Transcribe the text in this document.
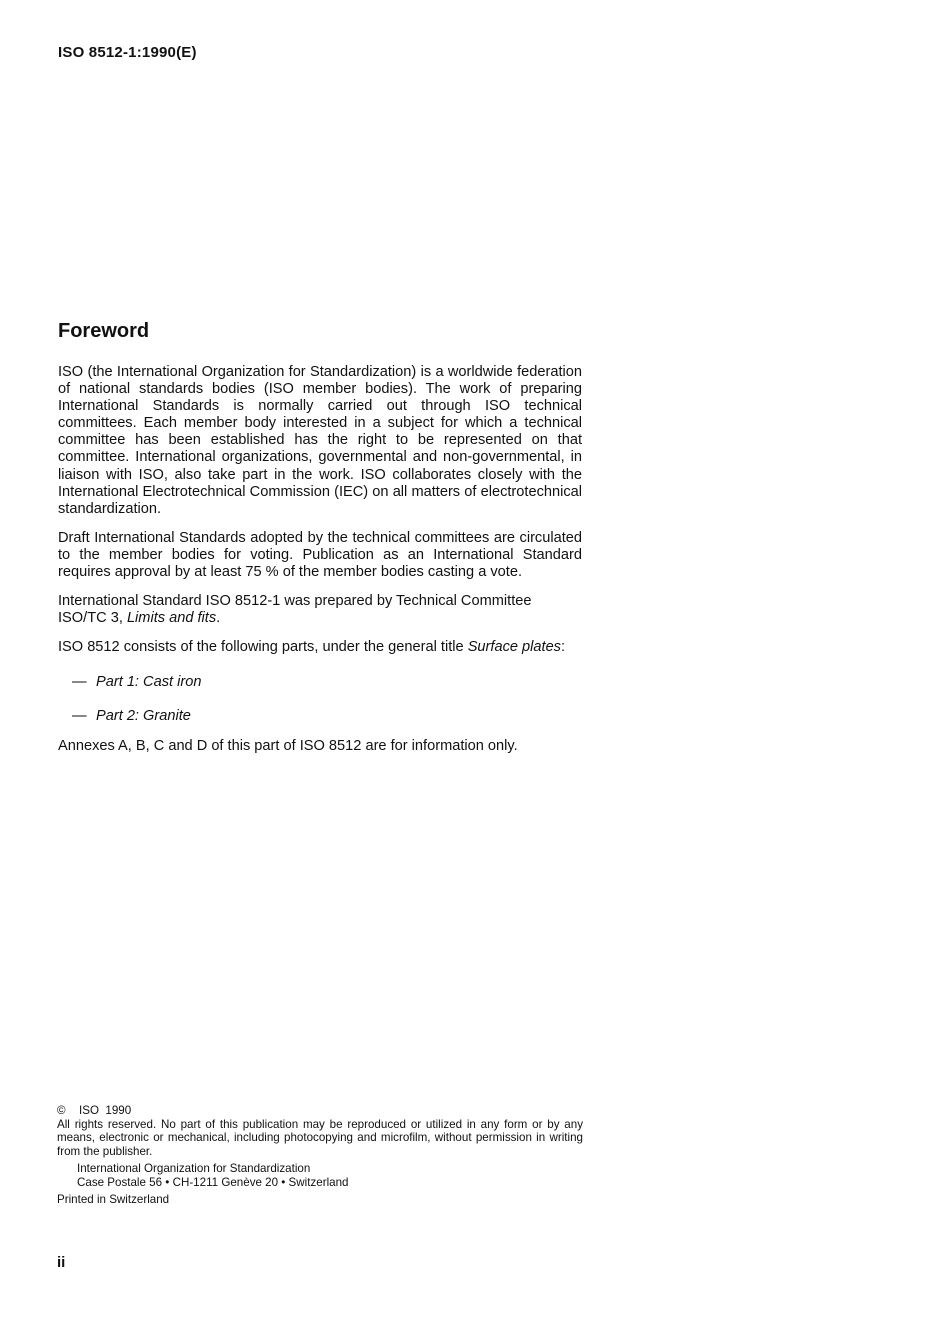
ISO 8512-1:1990(E)
Foreword

ISO (the International Organization for Standardization) is a worldwide federation of national standards bodies (ISO member bodies). The work of preparing International Standards is normally carried out through ISO technical committees. Each member body interested in a subject for which a technical committee has been established has the right to be represented on that committee. International organizations, governmental and non-governmental, in liaison with ISO, also take part in the work. ISO collaborates closely with the International Electrotechnical Commission (IEC) on all matters of electrotechnical standardization.

Draft International Standards adopted by the technical committees are circulated to the member bodies for voting. Publication as an International Standard requires approval by at least 75 % of the member bodies casting a vote.

International Standard ISO 8512-1 was prepared by Technical Committee ISO/TC 3, Limits and fits.

ISO 8512 consists of the following parts, under the general title Surface plates:

— Part 1: Cast iron
— Part 2: Granite

Annexes A, B, C and D of this part of ISO 8512 are for information only.

© ISO  1990

All rights reserved. No part of this publication may be reproduced or utilized in any form or by any means, electronic or mechanical, including photocopying and microfilm, without permission in writing from the publisher.

International Organization for Standardization
Case Postale 56 • CH-1211 Genève 20 • Switzerland
Printed in Switzerland
ii
